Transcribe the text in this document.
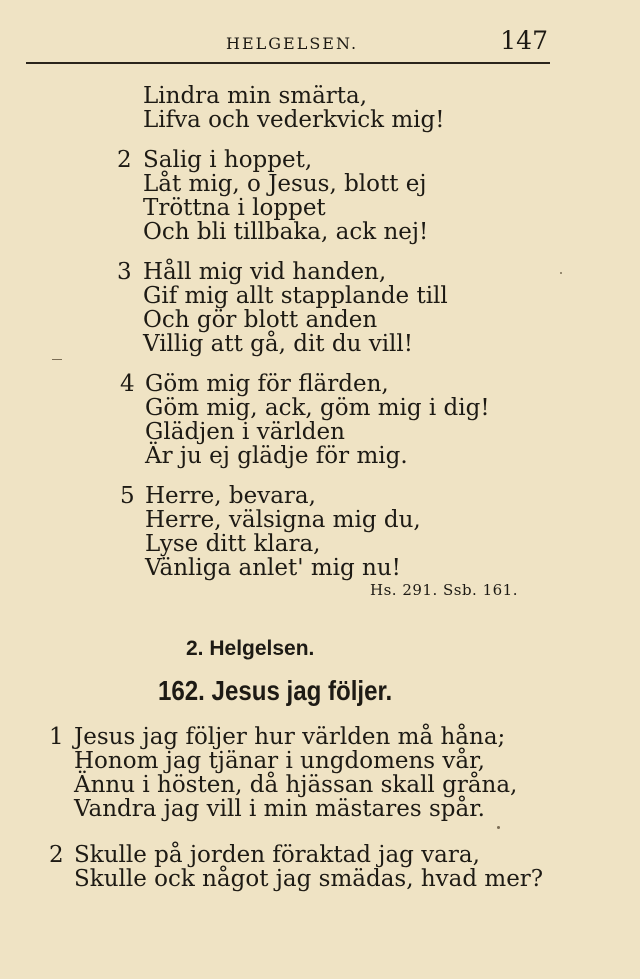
HELGELSEN.	147
Lindra min smärta,
Lifva och vederkvick mig!
2 Salig i hoppet,
Låt mig, o Jesus, blott ej
Tröttna i loppet
Och bli tillbaka, ack nej!
3 Håll mig vid handen,
Gif mig allt stapplande till
Och gör blott anden
Villig att gå, dit du vill!
4 Göm mig för flärden,
Göm mig, ack, göm mig i dig!
Glädjen i världen
Är ju ej glädje för mig.
5 Herre, bevara,
Herre, välsigna mig du,
Lyse ditt klara,
Vänliga anlet' mig nu!
Hs. 291. Ssb. 161.
2. Helgelsen.
162. Jesus jag följer.
1 Jesus jag följer hur världen må håna;
Honom jag tjänar i ungdomens vår,
Ännu i hösten, då hjässan skall gråna,
Vandra jag vill i min mästares spår.
2 Skulle på jorden föraktad jag vara,
Skulle ock något jag smädas, hvad mer?
